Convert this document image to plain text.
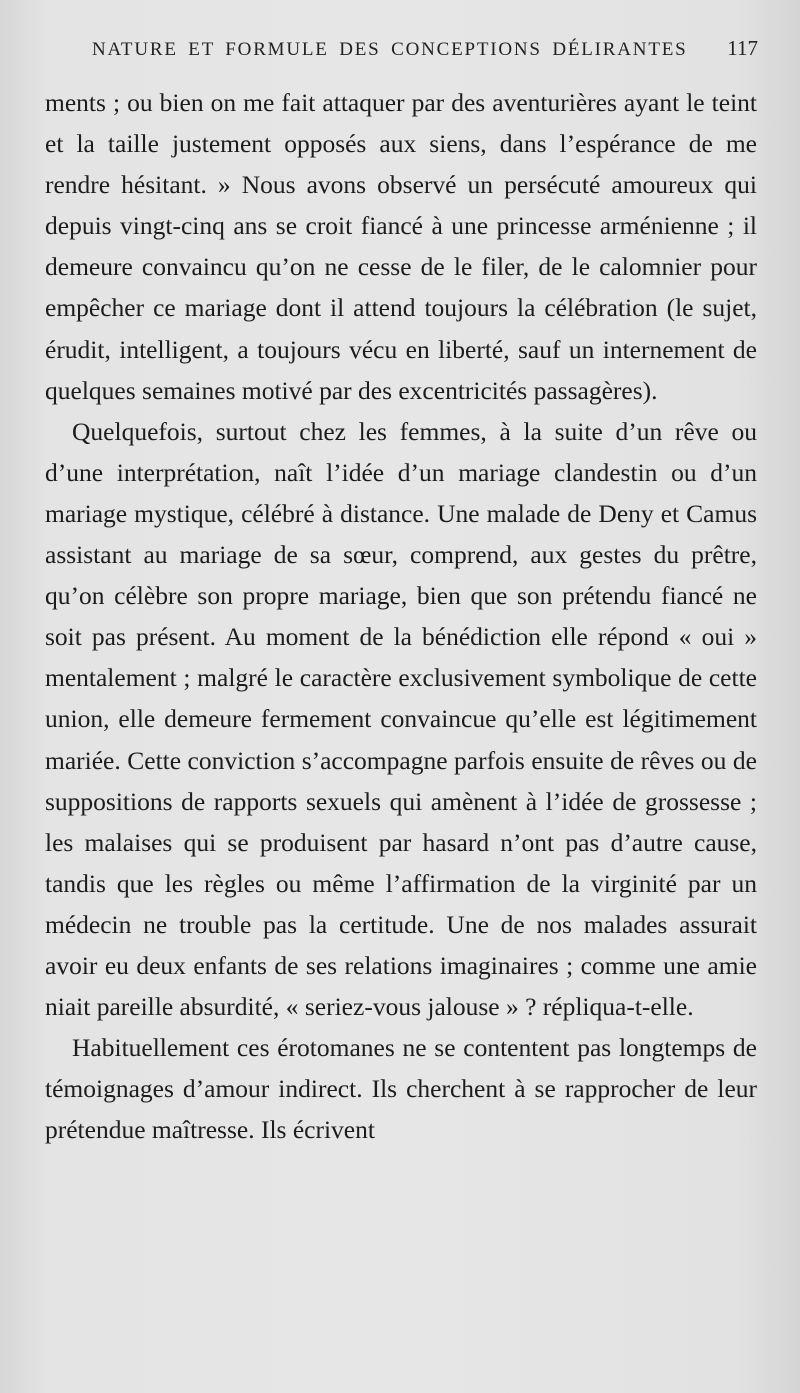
NATURE ET FORMULE DES CONCEPTIONS DÉLIRANTES 117

ments ; ou bien on me fait attaquer par des aventurières ayant le teint et la taille justement opposés aux siens, dans l’espérance de me rendre hésitant. » Nous avons observé un persécuté amoureux qui depuis vingt-cinq ans se croit fiancé à une princesse arménienne ; il demeure convaincu qu’on ne cesse de le filer, de le calomnier pour empêcher ce mariage dont il attend toujours la célébration (le sujet, érudit, intelligent, a toujours vécu en liberté, sauf un internement de quelques semaines motivé par des excentricités passagères).

Quelquefois, surtout chez les femmes, à la suite d’un rêve ou d’une interprétation, naît l’idée d’un mariage clandestin ou d’un mariage mystique, célébré à distance. Une malade de Deny et Camus assistant au mariage de sa sœur, comprend, aux gestes du prêtre, qu’on célèbre son propre mariage, bien que son prétendu fiancé ne soit pas présent. Au moment de la bénédiction elle répond « oui » mentalement ; malgré le caractère exclusivement symbolique de cette union, elle demeure fermement convaincue qu’elle est légitimement mariée. Cette conviction s’accompagne parfois ensuite de rêves ou de suppositions de rapports sexuels qui amènent à l’idée de grossesse ; les malaises qui se produisent par hasard n’ont pas d’autre cause, tandis que les règles ou même l’affirmation de la virginité par un médecin ne trouble pas la certitude. Une de nos malades assurait avoir eu deux enfants de ses relations imaginaires ; comme une amie niait pareille absurdité, « seriez-vous jalouse » ? répliqua-t-elle.

Habituellement ces érotomanes ne se contentent pas longtemps de témoignages d’amour indirect. Ils cherchent à se rapprocher de leur prétendue maîtresse. Ils écrivent
